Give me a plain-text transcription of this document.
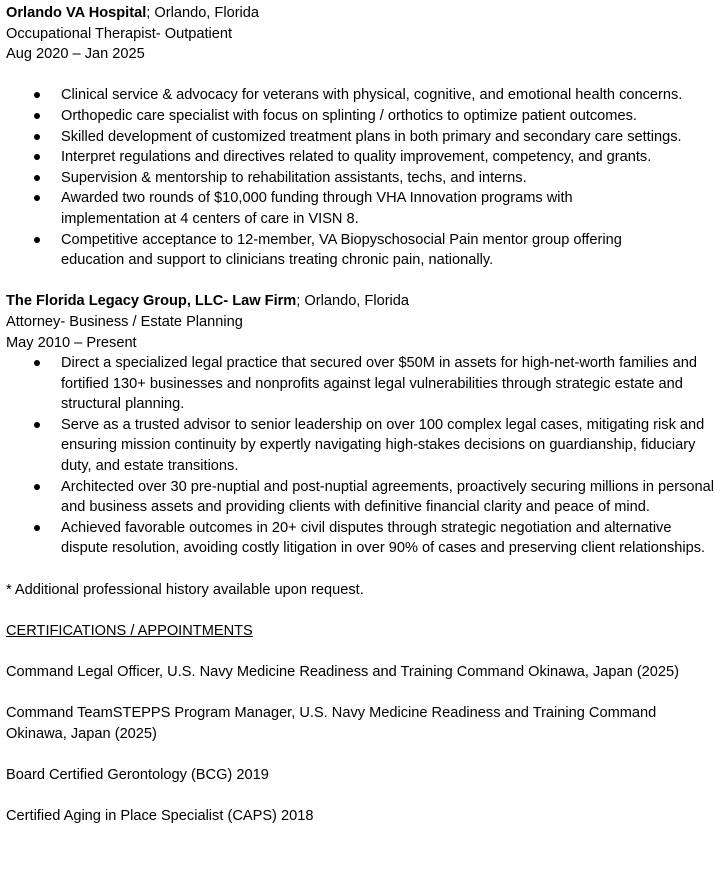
Orlando VA Hospital; Orlando, Florida

Occupational Therapist- Outpatient

Aug 2020 – Jan 2025

Clinical service & advocacy for veterans with physical, cognitive, and emotional health concerns.
Orthopedic care specialist with focus on splinting / orthotics to optimize patient outcomes.
Skilled development of customized treatment plans in both primary and secondary care settings.
Interpret regulations and directives related to quality improvement, competency, and grants.
Supervision & mentorship to rehabilitation assistants, techs, and interns.
Awarded two rounds of $10,000 funding through VHA Innovation programs with implementation at 4 centers of care in VISN 8.
Competitive acceptance to 12-member, VA Biopyschosocial Pain mentor group offering education and support to clinicians treating chronic pain, nationally.

The Florida Legacy Group, LLC- Law Firm; Orlando, Florida

Attorney- Business / Estate Planning

May 2010 – Present

Direct a specialized legal practice that secured over $50M in assets for high-net-worth families and fortified 130+ businesses and nonprofits against legal vulnerabilities through strategic estate and structural planning.
Serve as a trusted advisor to senior leadership on over 100 complex legal cases, mitigating risk and ensuring mission continuity by expertly navigating high-stakes decisions on guardianship, fiduciary duty, and estate transitions.
Architected over 30 pre-nuptial and post-nuptial agreements, proactively securing millions in personal and business assets and providing clients with definitive financial clarity and peace of mind.
Achieved favorable outcomes in 20+ civil disputes through strategic negotiation and alternative dispute resolution, avoiding costly litigation in over 90% of cases and preserving client relationships.

* Additional professional history available upon request.

CERTIFICATIONS / APPOINTMENTS

Command Legal Officer, U.S. Navy Medicine Readiness and Training Command Okinawa, Japan (2025)

Command TeamSTEPPS Program Manager, U.S. Navy Medicine Readiness and Training Command Okinawa, Japan (2025)

Board Certified Gerontology (BCG) 2019

Certified Aging in Place Specialist (CAPS) 2018
